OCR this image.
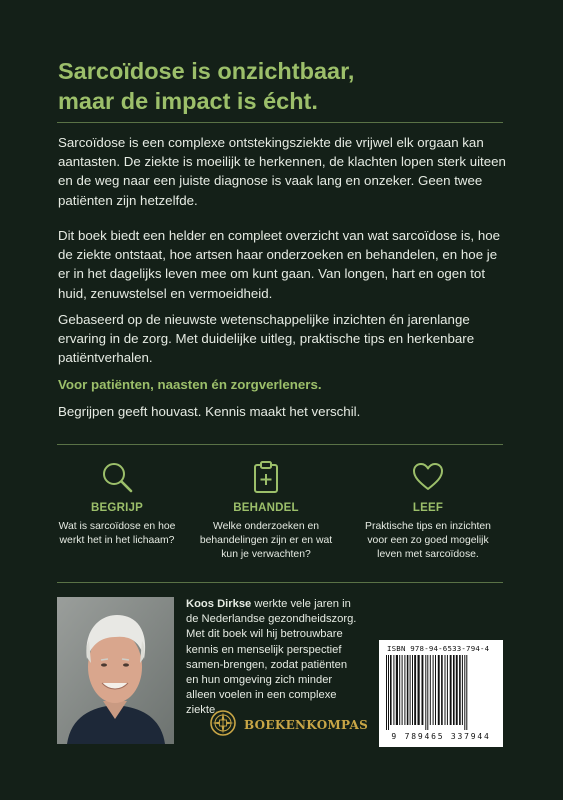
Sarcoïdose is onzichtbaar,
maar de impact is écht.

Sarcoïdose is een complexe ontstekingsziekte die vrijwel elk orgaan kan aantasten. De ziekte is moeilijk te herkennen, de klachten lopen sterk uiteen en de weg naar een juiste diagnose is vaak lang en onzeker. Geen twee patiënten zijn hetzelfde.

Dit boek biedt een helder en compleet overzicht van wat sarcoïdose is, hoe de ziekte ontstaat, hoe artsen haar onderzoeken en behandelen, en hoe je er in het dagelijks leven mee om kunt gaan. Van longen, hart en ogen tot huid, zenuwstelsel en vermoeidheid.

Gebaseerd op de nieuwste wetenschappelijke inzichten én jarenlange ervaring in de zorg. Met duidelijke uitleg, praktische tips en herkenbare patiëntverhalen.

Voor patiënten, naasten én zorgverleners.

Begrijpen geeft houvast. Kennis maakt het verschil.

BEGRIJP
Wat is sarcoïdose en hoe werkt het in het lichaam?
BEHANDEL
Welke onderzoeken en behandelingen zijn er en wat kun je verwachten?
LEEF
Praktische tips en inzichten voor een zo goed mogelijk leven met sarcoïdose.

Koos Dirkse werkte vele jaren in de Nederlandse gezondheidszorg. Met dit boek wil hij betrouwbare kennis en menselijk perspectief samen-brengen, zodat patiënten en hun omgeving zich minder alleen voelen in een complexe ziekte.

BOEKENKOMPAS
ISBN 978-94-6533-794-4
9 789465 337944
